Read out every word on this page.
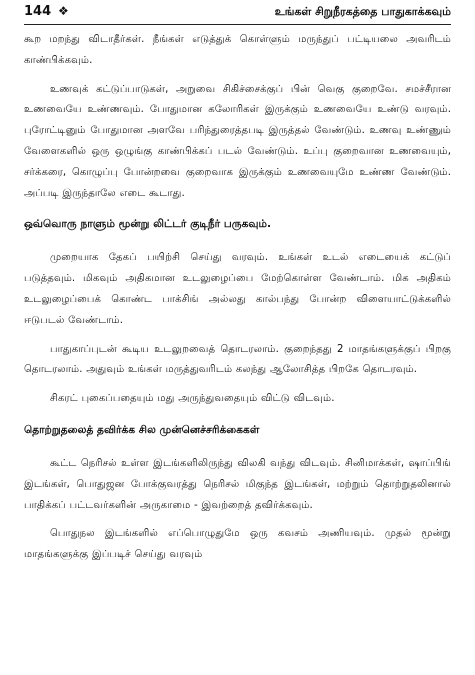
144 ❖	உங்கள் சிறுநீரகத்தை பாதுகாக்கவும்

கூற மறந்து விடாதீர்கள். நீங்கள் எடுத்துக் கொள்ளும் மருந்துப் பட்டியலை அவரிடம் காண்பிக்கவும்.

உணவுக் கட்டுப்பாடுகள், அறுவை சிகிச்சைக்குப் பின் வெகு குறைவே. சமச்சீரான உணவையே உண்ணவும். போதுமான கலோரிகள் இருக்கும் உணவையே உண்டு வரவும். புரோட்டினும் போதுமான அளவே பரிந்துரைத்தபடி இருத்தல் வேண்டும். உணவு உண்ணும் வேளைகளில் ஒரு ஒழுங்கு காண்பிக்கப் படல் வேண்டும். உப்பு குறைவான உணவையும், சர்க்கரை, கொழுப்பு போன்றவை குறைவாக இருக்கும் உணவையுமே உண்ண வேண்டும். அப்படி இருந்தாலே எடை கூடாது.

ஒவ்வொரு நாளும் மூன்று லிட்டர் குடிநீர் பருகவும்.

முறையாக தேகப் பயிற்சி செய்து வரவும். உங்கள் உடல் எடையைக் கட்டுப் படுத்தவும். மிகவும் அதிகமான உடலுழைப்பை மேற்கொள்ள வேண்டாம். மிக அதிகம் உடலுழைப்பைக் கொண்ட பாக்சிங் அல்லது கால்பந்து போன்ற விளையாட்டுக்களில் ஈடுபடல் வேண்டாம்.

பாதுகாப்புடன் கூடிய உடலுறவைத் தொடரலாம். குறைந்தது 2 மாதங்களுக்குப் பிறகு தொடரலாம். அதுவும் உங்கள் மருத்துவரிடம் கலந்து ஆலோசித்த பிறகே தொடரவும்.

சிகரட் புகைப்பதையும் மது அருந்துவதையும் விட்டு விடவும்.

தொற்றுதலைத் தவிர்க்க சில முன்னெச்சரிக்கைகள்

கூட்ட நெரிசல் உள்ள இடங்களிலிருந்து விலகி வந்து விடவும். சினிமாக்கள், ஷாப்பிங் இடங்கள், பொதுஜன போக்குவரத்து நெரிசல் மிகுந்த இடங்கள், மற்றும் தொற்றுதலினால் பாதிக்கப் பட்டவர்களின் அருகாமை - இவற்றைத் தவிர்க்கவும்.

பொதுநல இடங்களில் எப்பொழுதுமே ஒரு கவசம் அணியவும். முதல் மூன்று மாதங்களுக்கு இப்படிச் செய்து வரவும்
